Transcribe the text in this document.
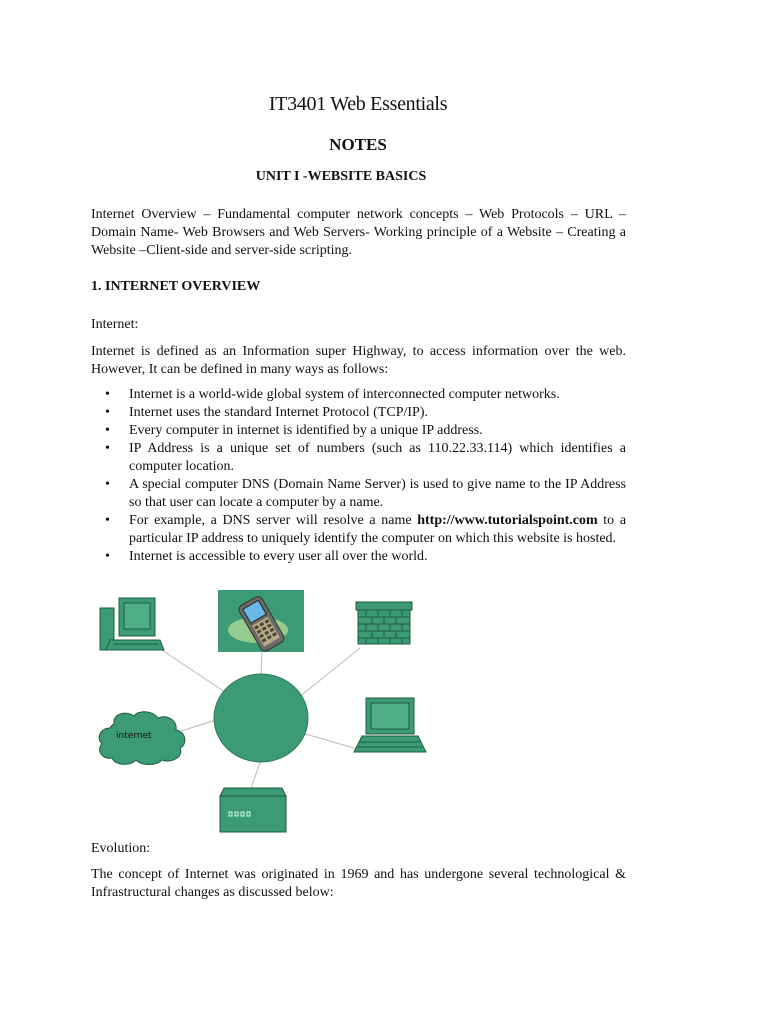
IT3401 Web Essentials
NOTES
UNIT I -WEBSITE BASICS

Internet Overview – Fundamental computer network concepts – Web Protocols – URL – Domain Name- Web Browsers and Web Servers- Working principle of a Website – Creating a Website –Client-side and server-side scripting.

1. INTERNET OVERVIEW
Internet:

Internet is defined as an Information super Highway, to access information over the web. However, It can be defined in many ways as follows:

• Internet is a world-wide global system of interconnected computer networks.
• Internet uses the standard Internet Protocol (TCP/IP).
• Every computer in internet is identified by a unique IP address.
• IP Address is a unique set of numbers (such as 110.22.33.114) which identifies a computer location.
• A special computer DNS (Domain Name Server) is used to give name to the IP Address so that user can locate a computer by a name.
• For example, a DNS server will resolve a name http://www.tutorialspoint.com to a particular IP address to uniquely identify the computer on which this website is hosted.
• Internet is accessible to every user all over the world.
internet
Evolution:

The concept of Internet was originated in 1969 and has undergone several technological & Infrastructural changes as discussed below:
